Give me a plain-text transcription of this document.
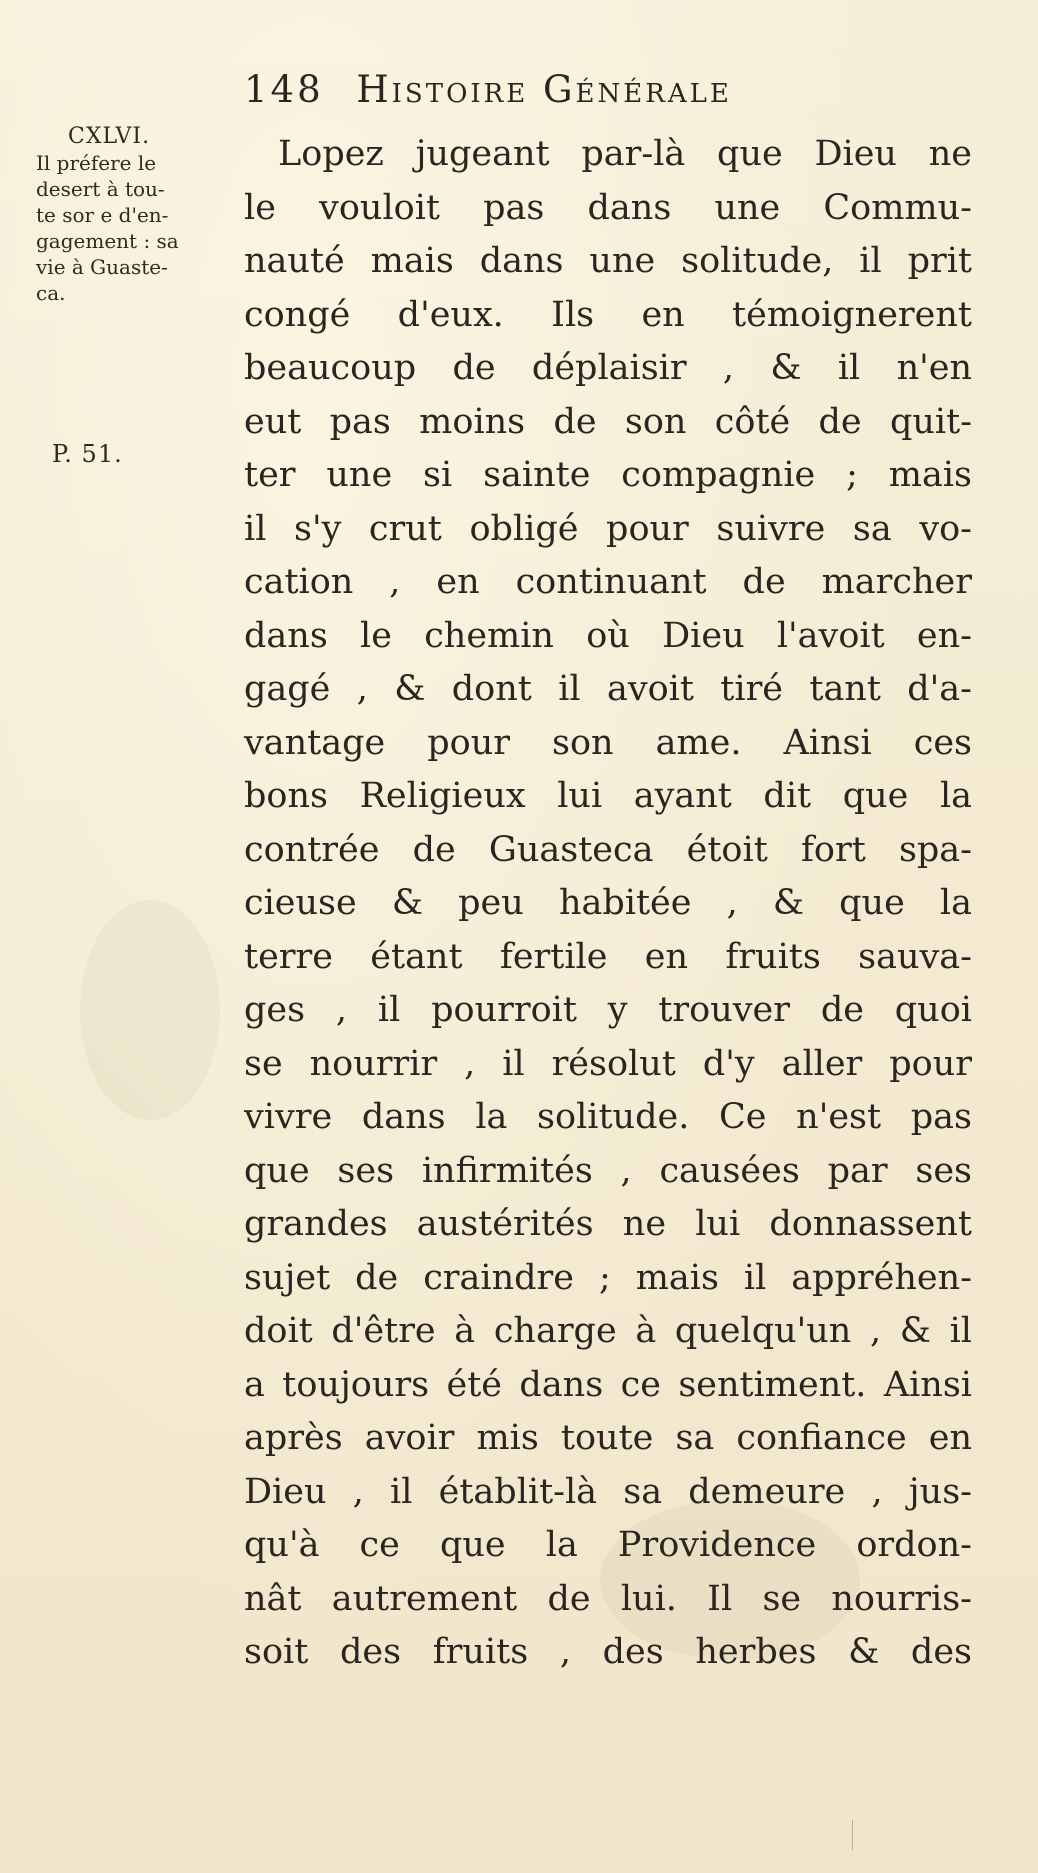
148 Histoire Générale
CXLVI.
Il préfere le
desert à tou-
te sor e d'en-
gagement : sa
vie à Guaste-
ca.
P. 51.
Lopez jugeant par-là que Dieu ne
le vouloit pas dans une Commu-
nauté mais dans une solitude, il prit
congé d'eux. Ils en témoignerent
beaucoup de déplaisir , & il n'en
eut pas moins de son côté de quit-
ter une si sainte compagnie ; mais
il s'y crut obligé pour suivre sa vo-
cation , en continuant de marcher
dans le chemin où Dieu l'avoit en-
gagé , & dont il avoit tiré tant d'a-
vantage pour son ame. Ainsi ces
bons Religieux lui ayant dit que la
contrée de Guasteca étoit fort spa-
cieuse & peu habitée , & que la
terre étant fertile en fruits sauva-
ges , il pourroit y trouver de quoi
se nourrir , il résolut d'y aller pour
vivre dans la solitude. Ce n'est pas
que ses infirmités , causées par ses
grandes austérités ne lui donnassent
sujet de craindre ; mais il appréhen-
doit d'être à charge à quelqu'un , & il
a toujours été dans ce sentiment. Ainsi
après avoir mis toute sa confiance en
Dieu , il établit-là sa demeure , jus-
qu'à ce que la Providence ordon-
nât autrement de lui. Il se nourris-
soit des fruits , des herbes & des
